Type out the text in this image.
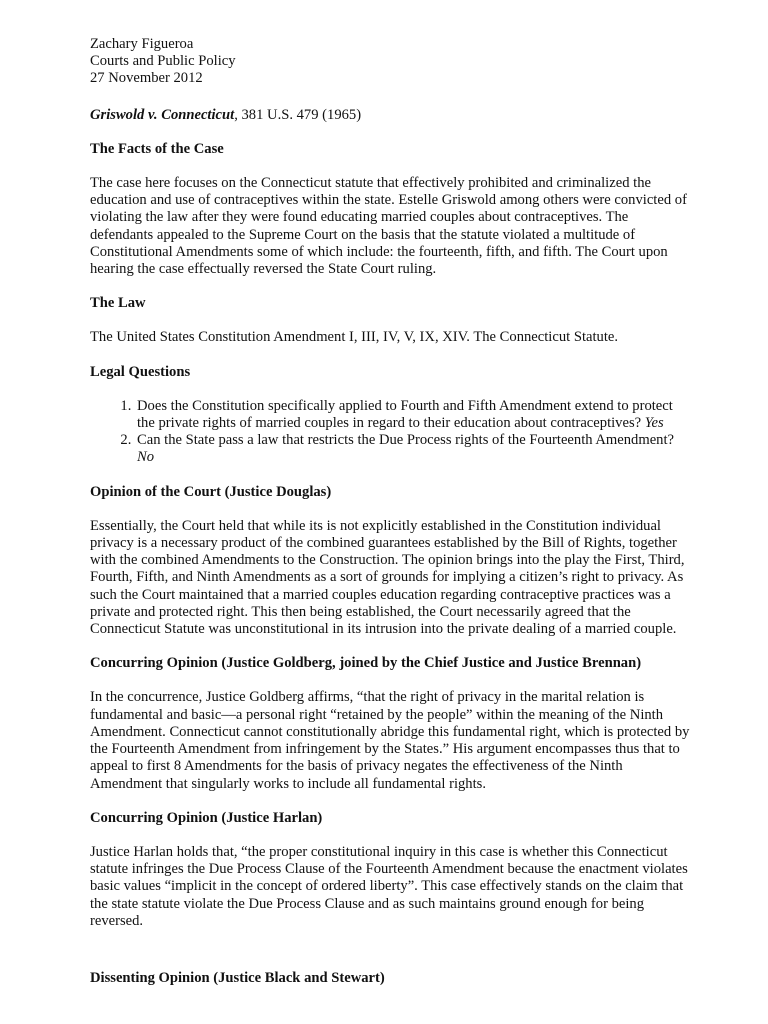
Zachary Figueroa

Courts and Public Policy

27 November 2012

Griswold v. Connecticut, 381 U.S. 479 (1965)

The Facts of the Case

The case here focuses on the Connecticut statute that effectively prohibited and criminalized the education and use of contraceptives within the state. Estelle Griswold among others were convicted of violating the law after they were found educating married couples about contraceptives. The defendants appealed to the Supreme Court on the basis that the statute violated a multitude of Constitutional Amendments some of which include: the fourteenth, fifth, and fifth. The Court upon hearing the case effectually reversed the State Court ruling.

The Law

The United States Constitution Amendment I, III, IV, V, IX, XIV. The Connecticut Statute.

Legal Questions
1. Does the Constitution specifically applied to Fourth and Fifth Amendment extend to protect the private rights of married couples in regard to their education about contraceptives? Yes
2. Can the State pass a law that restricts the Due Process rights of the Fourteenth Amendment? No
Opinion of the Court (Justice Douglas)

Essentially, the Court held that while its is not explicitly established in the Constitution individual privacy is a necessary product of the combined guarantees established by the Bill of Rights, together with the combined Amendments to the Construction. The opinion brings into the play the First, Third, Fourth, Fifth, and Ninth Amendments as a sort of grounds for implying a citizen’s right to privacy. As such the Court maintained that a married couples education regarding contraceptive practices was a private and protected right. This then being established, the Court necessarily agreed that the Connecticut Statute was unconstitutional in its intrusion into the private dealing of a married couple.

Concurring Opinion (Justice Goldberg, joined by the Chief Justice and Justice Brennan)

In the concurrence, Justice Goldberg affirms, “that the right of privacy in the marital relation is fundamental and basic—a personal right “retained by the people” within the meaning of the Ninth Amendment. Connecticut cannot constitutionally abridge this fundamental right, which is protected by the Fourteenth Amendment from infringement by the States.” His argument encompasses thus that to appeal to first 8 Amendments for the basis of privacy negates the effectiveness of the Ninth Amendment that singularly works to include all fundamental rights.

Concurring Opinion (Justice Harlan)

Justice Harlan holds that, “the proper constitutional inquiry in this case is whether this Connecticut statute infringes the Due Process Clause of the Fourteenth Amendment because the enactment violates basic values “implicit in the concept of ordered liberty”. This case effectively stands on the claim that the state statute violate the Due Process Clause and as such maintains ground enough for being reversed.

Dissenting Opinion (Justice Black and Stewart)
